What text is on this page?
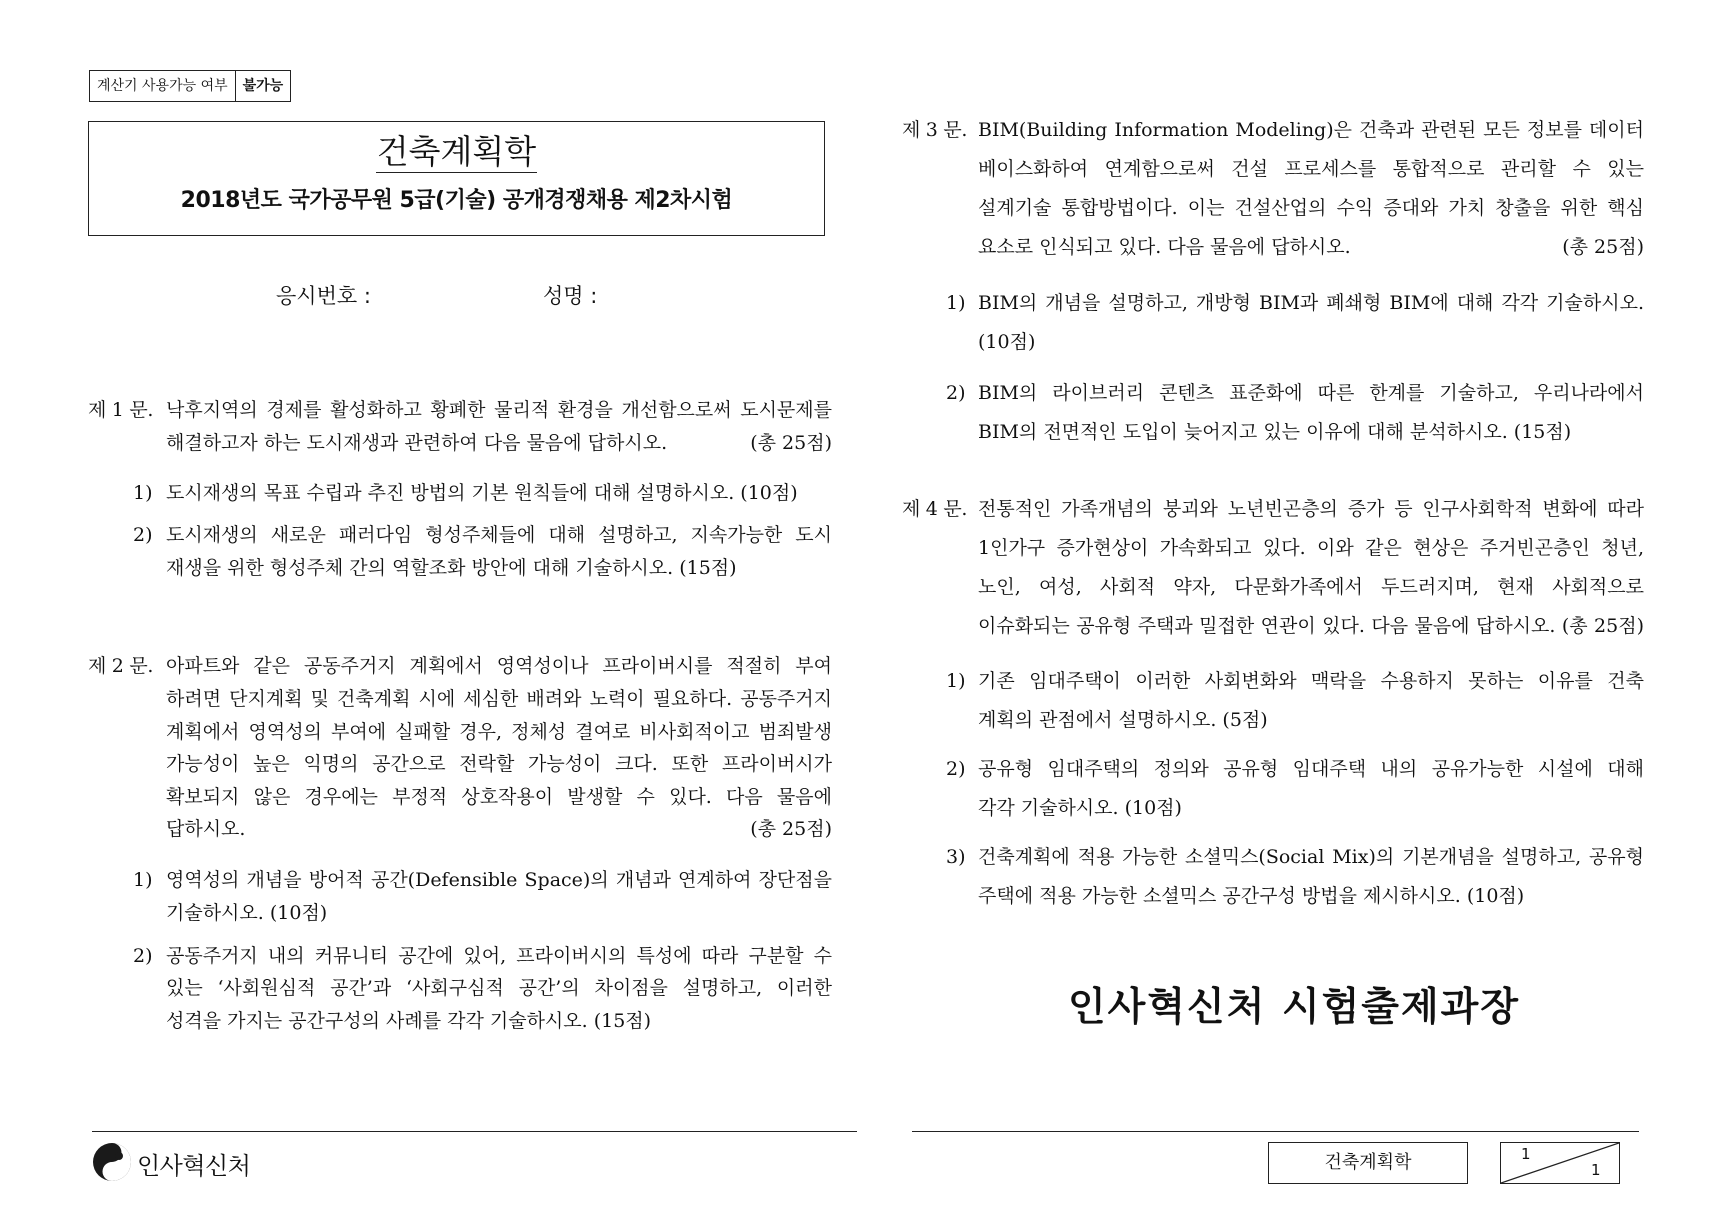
계산기 사용가능 여부	불가능
건축계획학
2018년도 국가공무원 5급(기술) 공개경쟁채용 제2차시험
응시번호 :	성명 :
제 1 문. 낙후지역의 경제를 활성화하고 황폐한 물리적 환경을 개선함으로써 도시문제를
해결하고자 하는 도시재생과 관련하여 다음 물음에 답하시오.	(총 25점)
1) 도시재생의 목표 수립과 추진 방법의 기본 원칙들에 대해 설명하시오. (10점)
2) 도시재생의 새로운 패러다임 형성주체들에 대해 설명하고, 지속가능한 도시
재생을 위한 형성주체 간의 역할조화 방안에 대해 기술하시오. (15점)
제 2 문. 아파트와 같은 공동주거지 계획에서 영역성이나 프라이버시를 적절히 부여
하려면 단지계획 및 건축계획 시에 세심한 배려와 노력이 필요하다. 공동주거지
계획에서 영역성의 부여에 실패할 경우, 정체성 결여로 비사회적이고 범죄발생
가능성이 높은 익명의 공간으로 전락할 가능성이 크다. 또한 프라이버시가
확보되지 않은 경우에는 부정적 상호작용이 발생할 수 있다. 다음 물음에
답하시오.	(총 25점)
1) 영역성의 개념을 방어적 공간(Defensible Space)의 개념과 연계하여 장단점을
기술하시오. (10점)
2) 공동주거지 내의 커뮤니티 공간에 있어, 프라이버시의 특성에 따라 구분할 수
있는 ‘사회원심적 공간’과 ‘사회구심적 공간’의 차이점을 설명하고, 이러한
성격을 가지는 공간구성의 사례를 각각 기술하시오. (15점)
제 3 문. BIM(Building Information Modeling)은 건축과 관련된 모든 정보를 데이터
베이스화하여 연계함으로써 건설 프로세스를 통합적으로 관리할 수 있는
설계기술 통합방법이다. 이는 건설산업의 수익 증대와 가치 창출을 위한 핵심
요소로 인식되고 있다. 다음 물음에 답하시오.	(총 25점)
1) BIM의 개념을 설명하고, 개방형 BIM과 폐쇄형 BIM에 대해 각각 기술하시오.
(10점)
2) BIM의 라이브러리 콘텐츠 표준화에 따른 한계를 기술하고, 우리나라에서
BIM의 전면적인 도입이 늦어지고 있는 이유에 대해 분석하시오. (15점)
제 4 문. 전통적인 가족개념의 붕괴와 노년빈곤층의 증가 등 인구사회학적 변화에 따라
1인가구 증가현상이 가속화되고 있다. 이와 같은 현상은 주거빈곤층인 청년,
노인, 여성, 사회적 약자, 다문화가족에서 두드러지며, 현재 사회적으로
이슈화되는 공유형 주택과 밀접한 연관이 있다. 다음 물음에 답하시오. (총 25점)
1) 기존 임대주택이 이러한 사회변화와 맥락을 수용하지 못하는 이유를 건축
계획의 관점에서 설명하시오. (5점)
2) 공유형 임대주택의 정의와 공유형 임대주택 내의 공유가능한 시설에 대해
각각 기술하시오. (10점)
3) 건축계획에 적용 가능한 소셜믹스(Social Mix)의 기본개념을 설명하고, 공유형
주택에 적용 가능한 소셜믹스 공간구성 방법을 제시하시오. (10점)
인사혁신처 시험출제과장
인사혁신처	건축계획학	1
1
